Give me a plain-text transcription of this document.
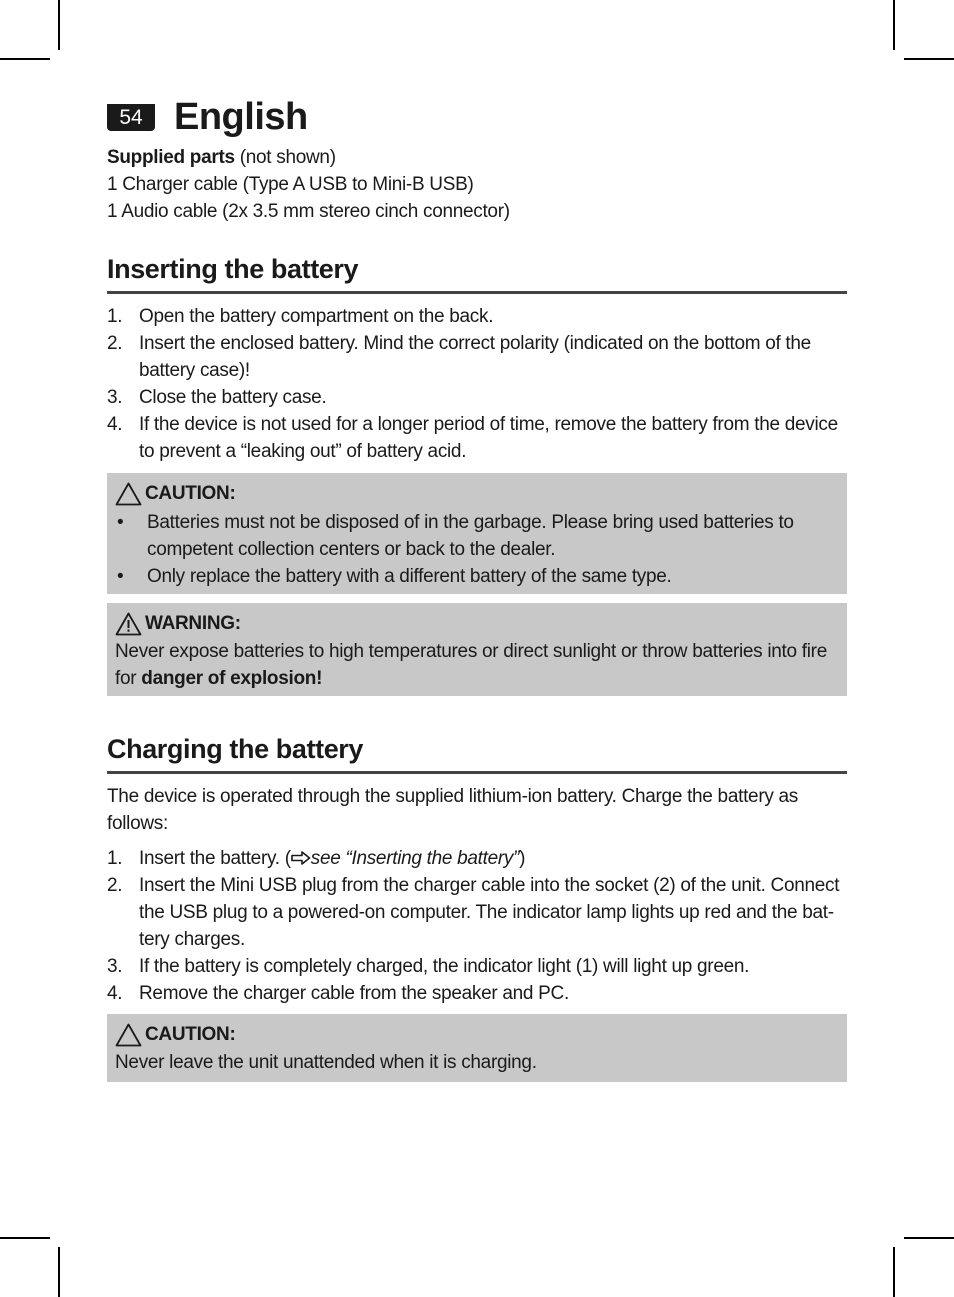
54 English
Supplied parts (not shown)
1 Charger cable (Type A USB to Mini-B USB)
1 Audio cable (2x 3.5 mm stereo cinch connector)
Inserting the battery
1. Open the battery compartment on the back.
2. Insert the enclosed battery. Mind the correct polarity (indicated on the bottom of the battery case)!
3. Close the battery case.
4. If the device is not used for a longer period of time, remove the battery from the device to prevent a “leaking out” of battery acid.
CAUTION:
• Batteries must not be disposed of in the garbage. Please bring used batteries to competent collection centers or back to the dealer.
• Only replace the battery with a different battery of the same type.
WARNING:
Never expose batteries to high temperatures or direct sunlight or throw batteries into fire for danger of explosion!
Charging the battery
The device is operated through the supplied lithium-ion battery. Charge the battery as follows:
1. Insert the battery. ( see “Inserting the battery”)
2. Insert the Mini USB plug from the charger cable into the socket (2) of the unit. Connect the USB plug to a powered-on computer. The indicator lamp lights up red and the bat-tery charges.
3. If the battery is completely charged, the indicator light (1) will light up green.
4. Remove the charger cable from the speaker and PC.
CAUTION:
Never leave the unit unattended when it is charging.
